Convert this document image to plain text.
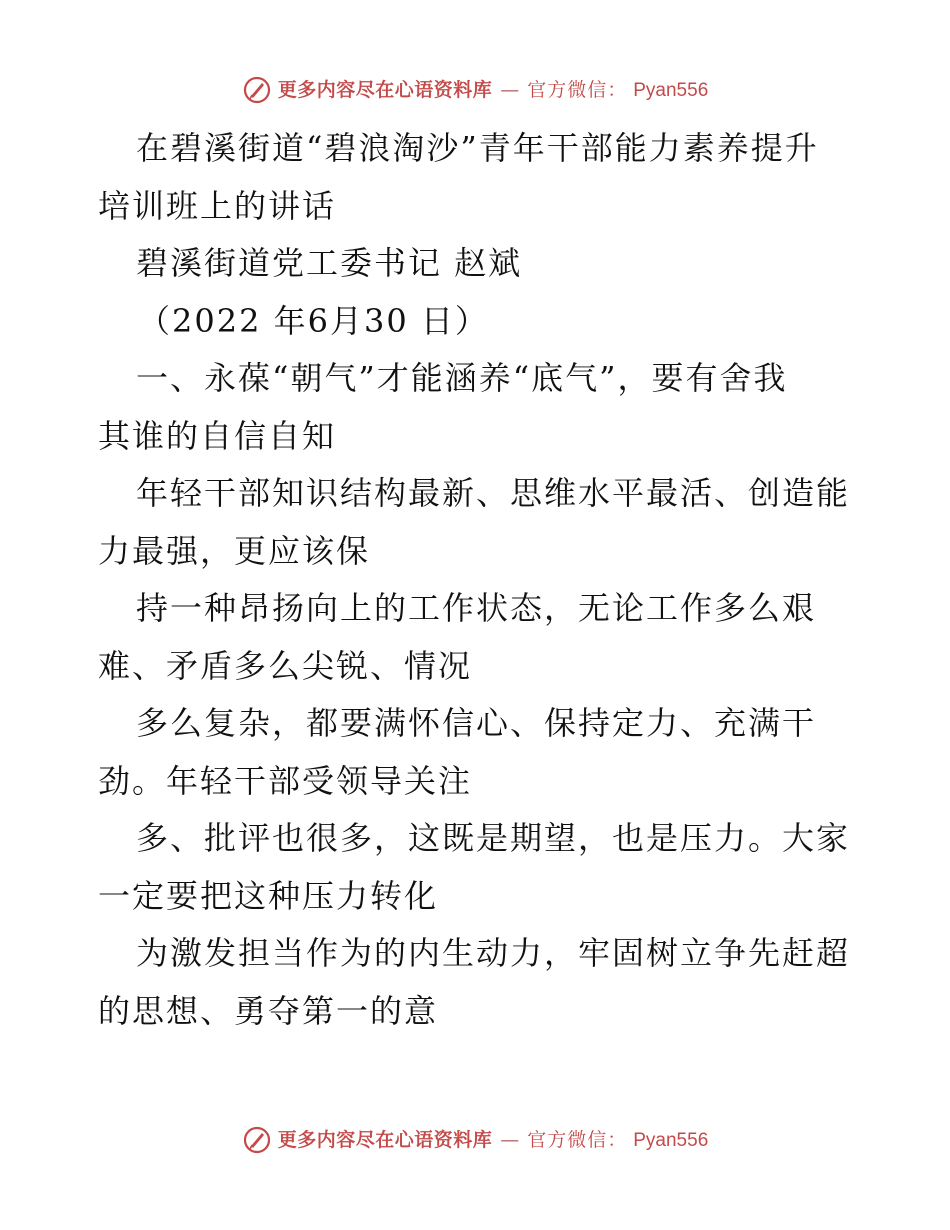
更多内容尽在心语资料库 — 官方微信： Pyan556
在碧溪街道“碧浪淘沙”青年干部能力素养提升
培训班上的讲话
碧溪街道党工委书记 赵斌
（2022 年6月30 日）
一、永葆“朝气”才能涵养“底气”，要有舍我
其谁的自信自知
年轻干部知识结构最新、思维水平最活、创造能
力最强，更应该保
持一种昂扬向上的工作状态，无论工作多么艰
难、矛盾多么尖锐、情况
多么复杂，都要满怀信心、保持定力、充满干
劲。年轻干部受领导关注
多、批评也很多，这既是期望，也是压力。大家
一定要把这种压力转化
为激发担当作为的内生动力，牢固树立争先赶超
的思想、勇夺第一的意
更多内容尽在心语资料库 — 官方微信： Pyan556
